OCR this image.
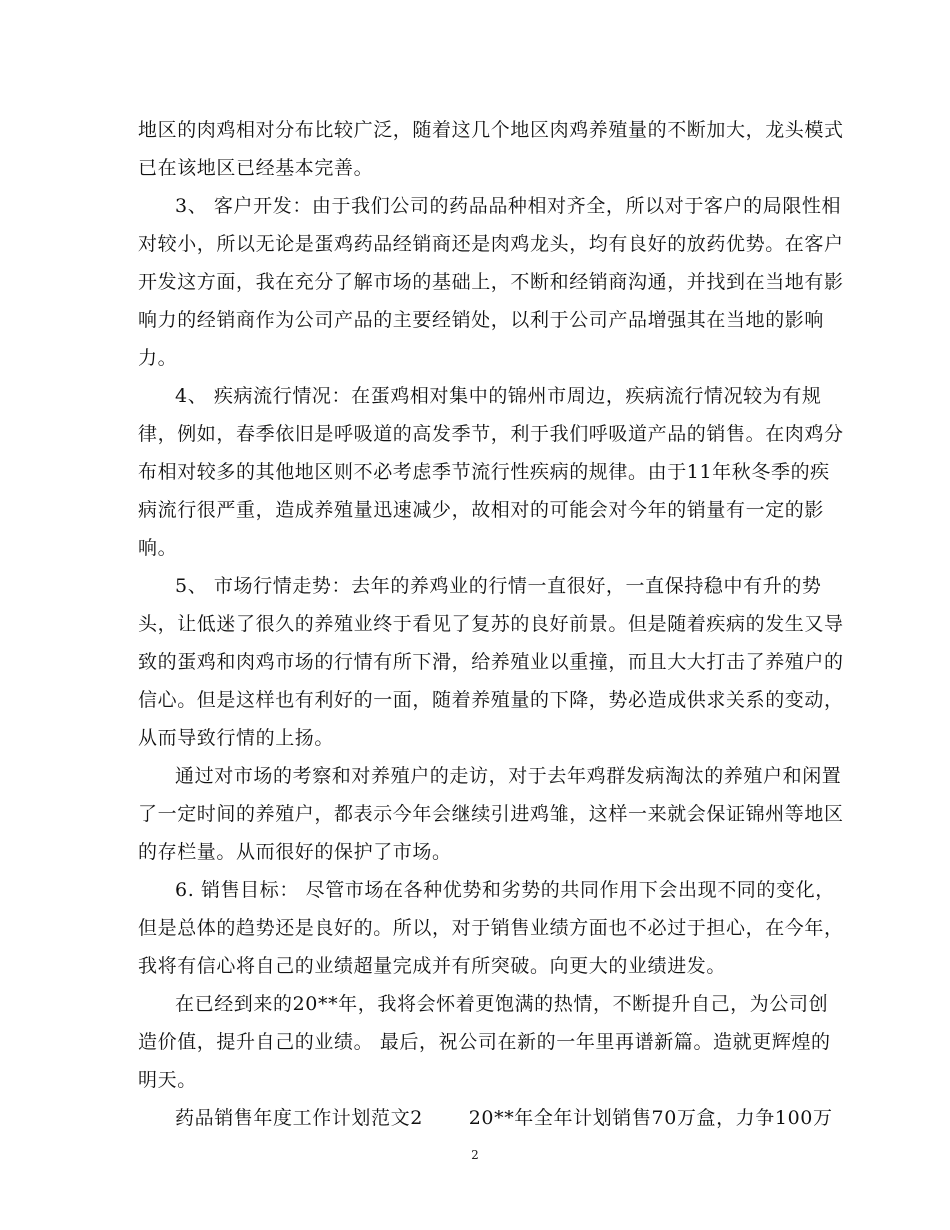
地区的肉鸡相对分布比较广泛，随着这几个地区肉鸡养殖量的不断加大，龙头模式
已在该地区已经基本完善。
3、 客户开发：由于我们公司的药品品种相对齐全，所以对于客户的局限性相
对较小，所以无论是蛋鸡药品经销商还是肉鸡龙头，均有良好的放药优势。在客户
开发这方面，我在充分了解市场的基础上，不断和经销商沟通，并找到在当地有影
响力的经销商作为公司产品的主要经销处，以利于公司产品增强其在当地的影响
力。
4、 疾病流行情况：在蛋鸡相对集中的锦州市周边，疾病流行情况较为有规
律，例如，春季依旧是呼吸道的高发季节，利于我们呼吸道产品的销售。在肉鸡分
布相对较多的其他地区则不必考虑季节流行性疾病的规律。由于11年秋冬季的疾
病流行很严重，造成养殖量迅速减少，故相对的可能会对今年的销量有一定的影
响。
5、 市场行情走势：去年的养鸡业的行情一直很好，一直保持稳中有升的势
头，让低迷了很久的养殖业终于看见了复苏的良好前景。但是随着疾病的发生又导
致的蛋鸡和肉鸡市场的行情有所下滑，给养殖业以重撞，而且大大打击了养殖户的
信心。但是这样也有利好的一面，随着养殖量的下降，势必造成供求关系的变动，
从而导致行情的上扬。
通过对市场的考察和对养殖户的走访，对于去年鸡群发病淘汰的养殖户和闲置
了一定时间的养殖户，都表示今年会继续引进鸡雏，这样一来就会保证锦州等地区
的存栏量。从而很好的保护了市场。
6. 销售目标： 尽管市场在各种优势和劣势的共同作用下会出现不同的变化，
但是总体的趋势还是良好的。所以，对于销售业绩方面也不必过于担心，在今年，
我将有信心将自己的业绩超量完成并有所突破。向更大的业绩进发。
在已经到来的20**年，我将会怀着更饱满的热情，不断提升自己，为公司创
造价值，提升自己的业绩。 最后，祝公司在新的一年里再谱新篇。造就更辉煌的
明天。
药品销售年度工作计划范文2　　 20**年全年计划销售70万盒，力争100万
2
